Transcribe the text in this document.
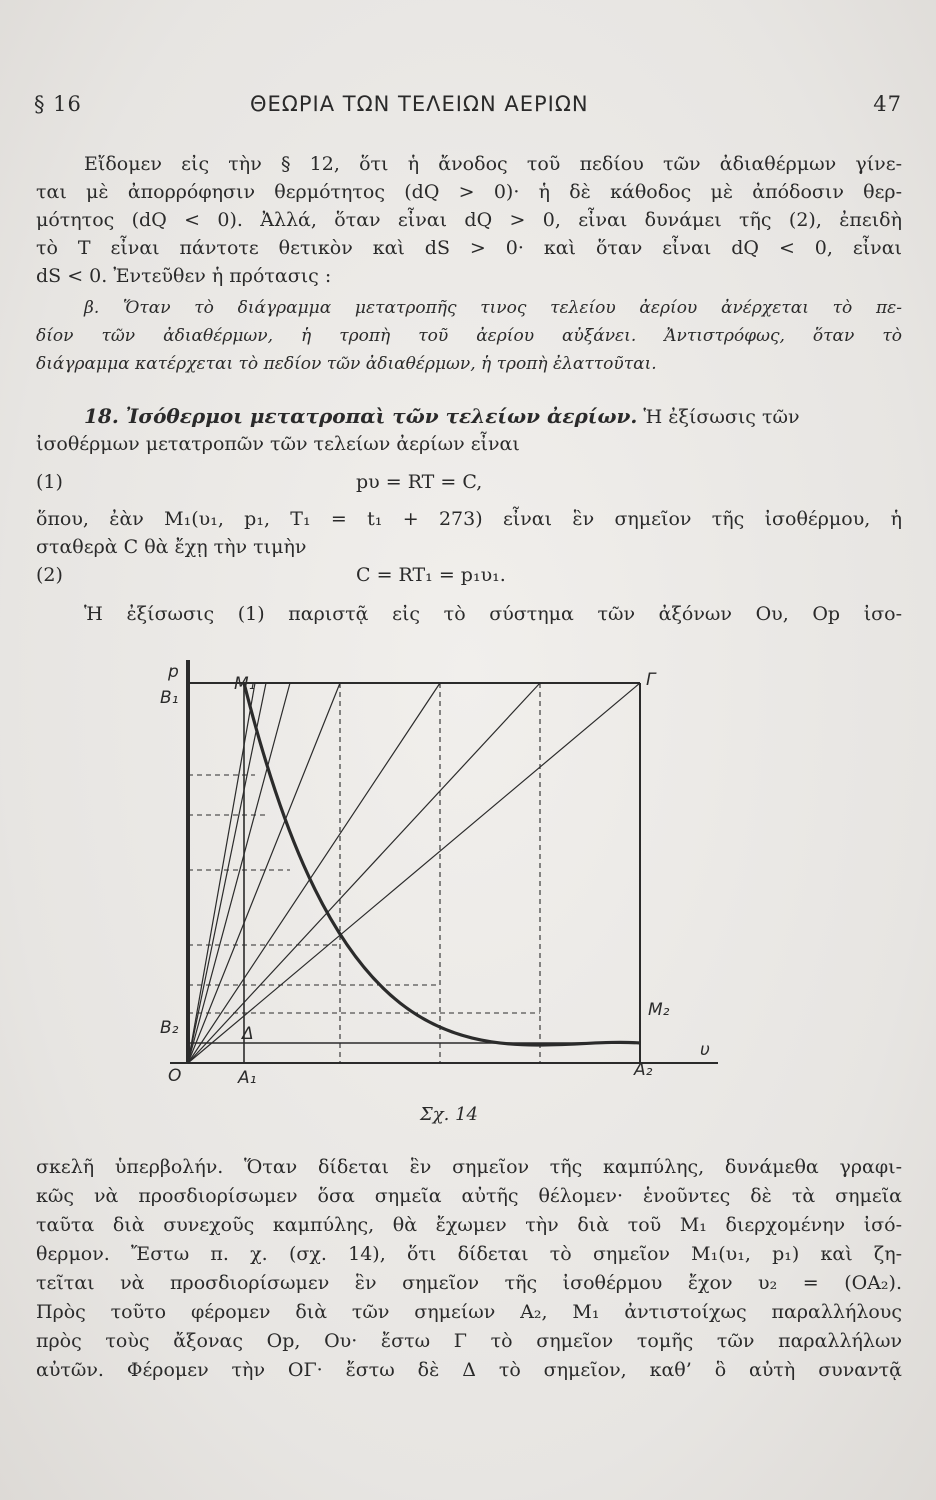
§ 16	ΘΕΩΡΙΑ ΤΩΝ ΤΕΛΕΙΩΝ ΑΕΡΙΩΝ	47
Εἴδομεν εἰς τὴν § 12, ὅτι ἡ ἄνοδος τοῦ πεδίου τῶν ἀδιαθέρμων γίνε-
ται μὲ ἀπορρόφησιν θερμότητος (dQ > 0)· ἡ δὲ κάθοδος μὲ ἀπόδοσιν θερ-
μότητος (dQ < 0). Ἀλλά, ὅταν εἶναι dQ > 0, εἶναι δυνάμει τῆς (2), ἐπειδὴ
τὸ T εἶναι πάντοτε θετικὸν καὶ dS > 0· καὶ ὅταν εἶναι dQ < 0, εἶναι
dS < 0. Ἐντεῦθεν ἡ πρότασις :
β. Ὅταν τὸ διάγραμμα μετατροπῆς τινος τελείου ἀερίου ἀνέρχεται τὸ πε-
δίον τῶν ἀδιαθέρμων, ἡ τροπὴ τοῦ ἀερίου αὐξάνει. Ἀντιστρόφως, ὅταν τὸ
διάγραμμα κατέρχεται τὸ πεδίον τῶν ἀδιαθέρμων, ἡ τροπὴ ἐλαττοῦται.
18. Ἰσόθερμοι μετατροπαὶ τῶν τελείων ἀερίων. Ἡ ἐξίσωσις τῶν
ἰσοθέρμων μετατροπῶν τῶν τελείων ἀερίων εἶναι
(1)	pυ = RT = C,
ὅπου, ἐὰν M₁(υ₁, p₁, T₁ = t₁ + 273) εἶναι ἓν σημεῖον τῆς ἰσοθέρμου, ἡ
σταθερὰ C θὰ ἔχῃ τὴν τιμὴν
(2)	C = RT₁ = p₁υ₁.
Ἡ ἐξίσωσις (1) παριστᾷ εἰς τὸ σύστημα τῶν ἀξόνων Oυ, Op ἰσο-
p
B₁
M₁	Γ
B₂	Δ
M₂
O	A₁	A₂
υ
Σχ. 14
σκελῆ ὑπερβολήν. Ὅταν δίδεται ἓν σημεῖον τῆς καμπύλης, δυνάμεθα γραφι-
κῶς νὰ προσδιορίσωμεν ὅσα σημεῖα αὐτῆς θέλομεν· ἑνοῦντες δὲ τὰ σημεῖα
ταῦτα διὰ συνεχοῦς καμπύλης, θὰ ἔχωμεν τὴν διὰ τοῦ M₁ διερχομένην ἰσό-
θερμον. Ἔστω π. χ. (σχ. 14), ὅτι δίδεται τὸ σημεῖον M₁(υ₁, p₁) καὶ ζη-
τεῖται νὰ προσδιορίσωμεν ἓν σημεῖον τῆς ἰσοθέρμου ἔχον υ₂ = (OA₂).
Πρὸς τοῦτο φέρομεν διὰ τῶν σημείων A₂, M₁ ἀντιστοίχως παραλλήλους
πρὸς τοὺς ἄξονας Op, Oυ· ἔστω Γ τὸ σημεῖον τομῆς τῶν παραλλήλων
αὐτῶν. Φέρομεν τὴν OΓ· ἔστω δὲ Δ τὸ σημεῖον, καθ’ ὃ αὐτὴ συναντᾷ
